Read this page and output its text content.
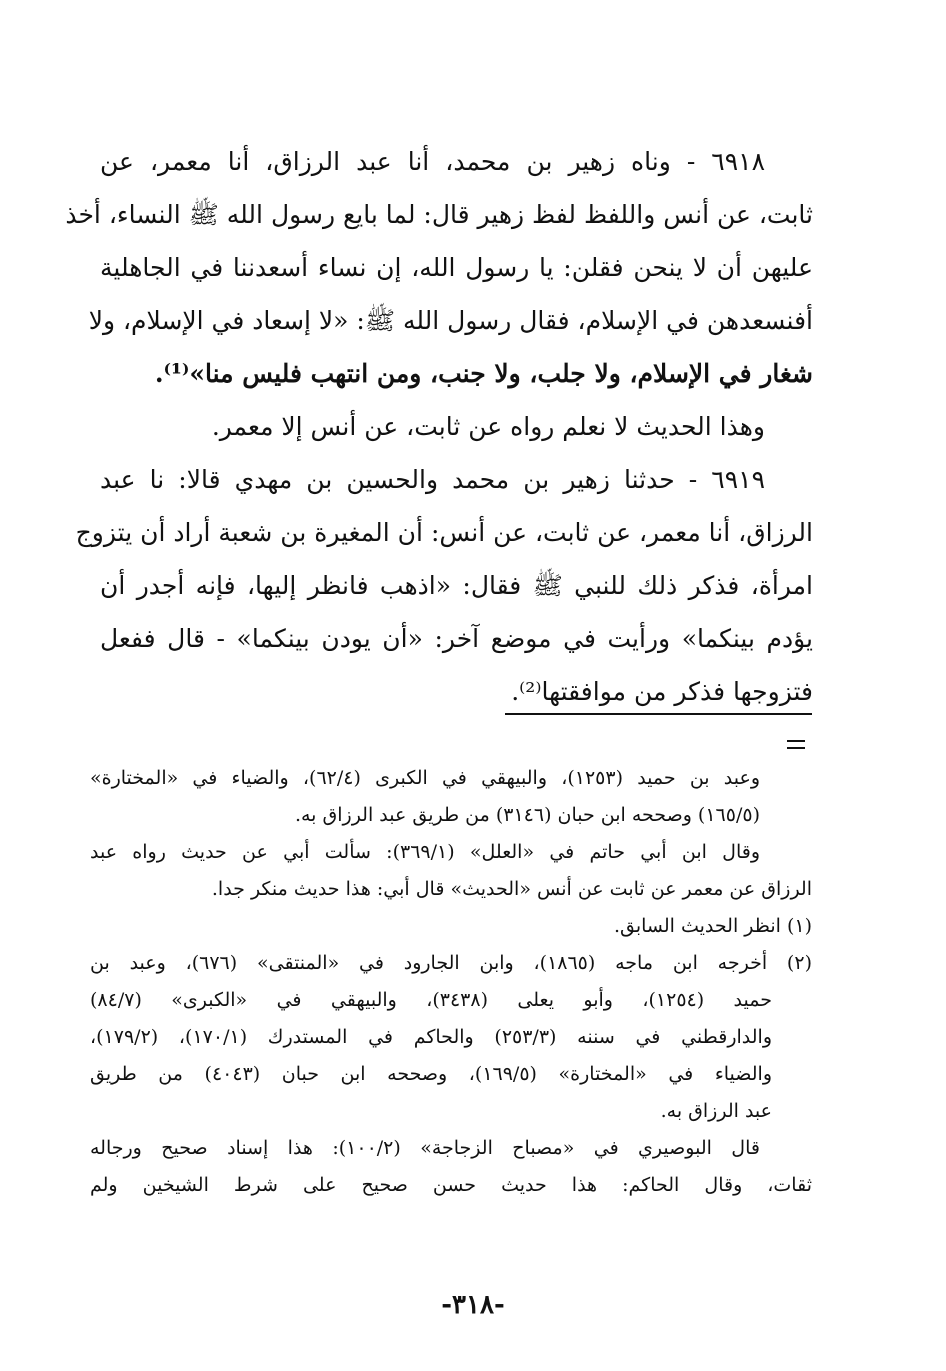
٦٩١٨ - وناه زهير بن محمد، أنا عبد الرزاق، أنا معمر، عن
ثابت، عن أنس واللفظ لفظ زهير قال: لما بايع رسول الله ﷺ النساء، أخذ
عليهن أن لا ينحن فقلن: يا رسول الله، إن نساء أسعدننا في الجاهلية
أفنسعدهن في الإسلام، فقال رسول الله ﷺ: «لا إسعاد في الإسلام، ولا
شغار في الإسلام، ولا جلب، ولا جنب، ومن انتهب فليس منا»⁽¹⁾.
وهذا الحديث لا نعلم رواه عن ثابت، عن أنس إلا معمر.
٦٩١٩ - حدثنا زهير بن محمد والحسين بن مهدي قالا: نا عبد
الرزاق، أنا معمر، عن ثابت، عن أنس: أن المغيرة بن شعبة أراد أن يتزوج
امرأة، فذكر ذلك للنبي ﷺ فقال: «اذهب فانظر إليها، فإنه أجدر أن
يؤدم بينكما» ورأيت في موضع آخر: «أن يودن بينكما» - قال ففعل
فتزوجها فذكر من موافقتها⁽²⁾.
وعبد بن حميد (١٢٥٣)، والبيهقي في الكبرى (٦٢/٤)، والضياء في «المختارة»
(١٦٥/٥) وصححه ابن حبان (٣١٤٦) من طريق عبد الرزاق به.
وقال ابن أبي حاتم في «العلل» (٣٦٩/١): سألت أبي عن حديث رواه عبد
الرزاق عن معمر عن ثابت عن أنس «الحديث» قال أبي: هذا حديث منكر جدا.
(١) انظر الحديث السابق.
(٢) أخرجه ابن ماجه (١٨٦٥)، وابن الجارود في «المنتقى» (٦٧٦)، وعبد بن
حميد (١٢٥٤)، وأبو يعلى (٣٤٣٨)، والبيهقي في «الكبرى» (٨٤/٧)
والدارقطني في سننه (٢٥٣/٣) والحاكم في المستدرك (١٧٠/١)، (١٧٩/٢)،
والضياء في «المختارة» (١٦٩/٥)، وصححه ابن حبان (٤٠٤٣) من طريق
عبد الرزاق به.
قال البوصيري في «مصباح الزجاجة» (١٠٠/٢): هذا إسناد صحيح ورجاله
ثقات، وقال الحاكم: هذا حديث حسن صحيح على شرط الشيخين ولم
-٣١٨-
